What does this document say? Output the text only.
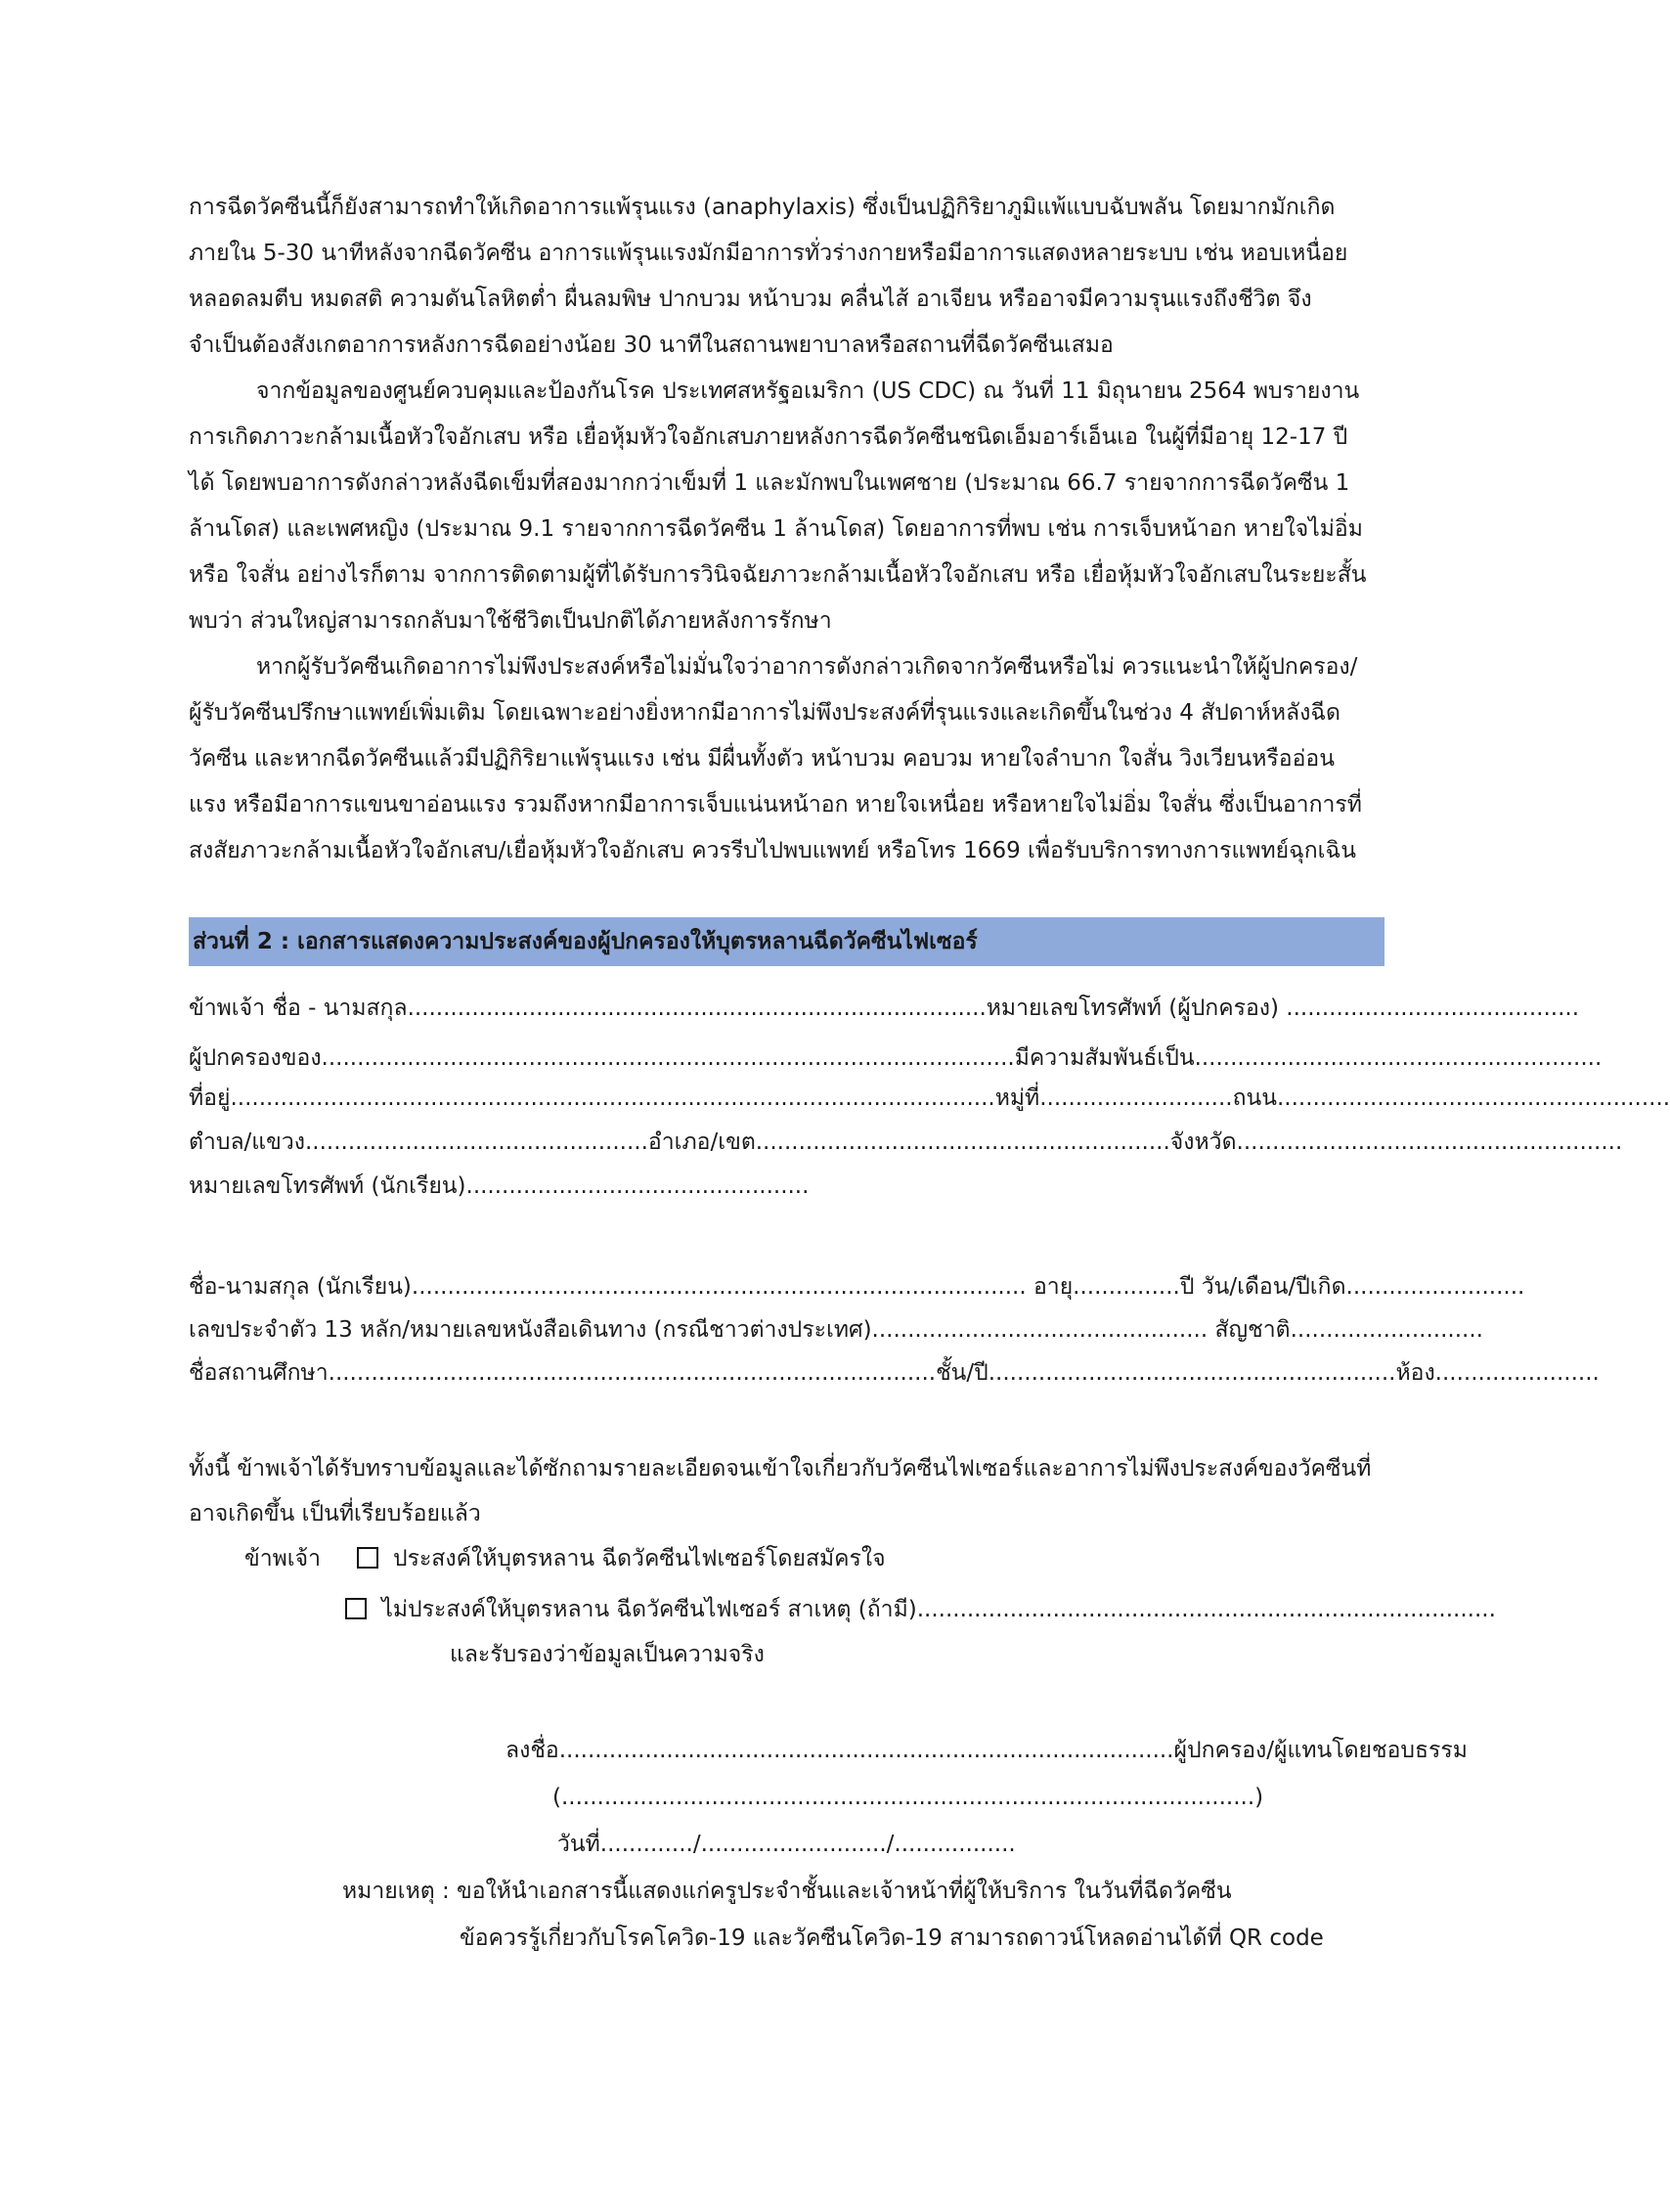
การฉีดวัคซีนนี้ก็ยังสามารถทำให้เกิดอาการแพ้รุนแรง (anaphylaxis) ซึ่งเป็นปฏิกิริยาภูมิแพ้แบบฉับพลัน โดยมากมักเกิด
ภายใน 5-30 นาทีหลังจากฉีดวัคซีน อาการแพ้รุนแรงมักมีอาการทั่วร่างกายหรือมีอาการแสดงหลายระบบ เช่น หอบเหนื่อย
หลอดลมตีบ หมดสติ ความดันโลหิตต่ำ ผื่นลมพิษ ปากบวม หน้าบวม คลื่นไส้ อาเจียน หรืออาจมีความรุนแรงถึงชีวิต จึง
จำเป็นต้องสังเกตอาการหลังการฉีดอย่างน้อย 30 นาทีในสถานพยาบาลหรือสถานที่ฉีดวัคซีนเสมอ
จากข้อมูลของศูนย์ควบคุมและป้องกันโรค ประเทศสหรัฐอเมริกา (US CDC) ณ วันที่ 11 มิถุนายน 2564 พบรายงาน
การเกิดภาวะกล้ามเนื้อหัวใจอักเสบ หรือ เยื่อหุ้มหัวใจอักเสบภายหลังการฉีดวัคซีนชนิดเอ็มอาร์เอ็นเอ ในผู้ที่มีอายุ 12-17 ปี
ได้ โดยพบอาการดังกล่าวหลังฉีดเข็มที่สองมากกว่าเข็มที่ 1 และมักพบในเพศชาย (ประมาณ 66.7 รายจากการฉีดวัคซีน 1
ล้านโดส) และเพศหญิง (ประมาณ 9.1 รายจากการฉีดวัคซีน 1 ล้านโดส) โดยอาการที่พบ เช่น การเจ็บหน้าอก หายใจไม่อิ่ม
หรือ ใจสั่น อย่างไรก็ตาม จากการติดตามผู้ที่ได้รับการวินิจฉัยภาวะกล้ามเนื้อหัวใจอักเสบ หรือ เยื่อหุ้มหัวใจอักเสบในระยะสั้น
พบว่า ส่วนใหญ่สามารถกลับมาใช้ชีวิตเป็นปกติได้ภายหลังการรักษา
หากผู้รับวัคซีนเกิดอาการไม่พึงประสงค์หรือไม่มั่นใจว่าอาการดังกล่าวเกิดจากวัคซีนหรือไม่ ควรแนะนำให้ผู้ปกครอง/
ผู้รับวัคซีนปรึกษาแพทย์เพิ่มเติม โดยเฉพาะอย่างยิ่งหากมีอาการไม่พึงประสงค์ที่รุนแรงและเกิดขึ้นในช่วง 4 สัปดาห์หลังฉีด
วัคซีน และหากฉีดวัคซีนแล้วมีปฏิกิริยาแพ้รุนแรง เช่น มีผื่นทั้งตัว หน้าบวม คอบวม หายใจลำบาก ใจสั่น วิงเวียนหรืออ่อน
แรง หรือมีอาการแขนขาอ่อนแรง รวมถึงหากมีอาการเจ็บแน่นหน้าอก หายใจเหนื่อย หรือหายใจไม่อิ่ม ใจสั่น ซึ่งเป็นอาการที่
สงสัยภาวะกล้ามเนื้อหัวใจอักเสบ/เยื่อหุ้มหัวใจอักเสบ ควรรีบไปพบแพทย์ หรือโทร 1669 เพื่อรับบริการทางการแพทย์ฉุกเฉิน
ส่วนที่ 2 : เอกสารแสดงความประสงค์ของผู้ปกครองให้บุตรหลานฉีดวัคซีนไฟเซอร์
ข้าพเจ้า ชื่อ - นามสกุล.................................................................................หมายเลขโทรศัพท์ (ผู้ปกครอง) .........................................
ผู้ปกครองของ.................................................................................................มีความสัมพันธ์เป็น.........................................................
ที่อยู่...........................................................................................................หมู่ที่...........................ถนน.......................................................
ตำบล/แขวง................................................อำเภอ/เขต..........................................................จังหวัด......................................................
หมายเลขโทรศัพท์ (นักเรียน)................................................
ชื่อ-นามสกุล (นักเรียน)...................................................................................... อายุ...............ปี วัน/เดือน/ปีเกิด.........................
เลขประจำตัว 13 หลัก/หมายเลขหนังสือเดินทาง (กรณีชาวต่างประเทศ)............................................... สัญชาติ...........................
ชื่อสถานศึกษา.....................................................................................ชั้น/ปี.........................................................ห้อง.......................
ทั้งนี้ ข้าพเจ้าได้รับทราบข้อมูลและได้ซักถามรายละเอียดจนเข้าใจเกี่ยวกับวัคซีนไฟเซอร์และอาการไม่พึงประสงค์ของวัคซีนที่
อาจเกิดขึ้น เป็นที่เรียบร้อยแล้ว
ข้าพเจ้า	ประสงค์ให้บุตรหลาน ฉีดวัคซีนไฟเซอร์โดยสมัครใจ
ไม่ประสงค์ให้บุตรหลาน ฉีดวัคซีนไฟเซอร์ สาเหตุ (ถ้ามี).................................................................................
และรับรองว่าข้อมูลเป็นความจริง
ลงชื่อ......................................................................................ผู้ปกครอง/ผู้แทนโดยชอบธรรม
(.................................................................................................)
วันที่............./........................../.................
หมายเหตุ : ขอให้นำเอกสารนี้แสดงแก่ครูประจำชั้นและเจ้าหน้าที่ผู้ให้บริการ ในวันที่ฉีดวัคซีน
ข้อควรรู้เกี่ยวกับโรคโควิด-19 และวัคซีนโควิด-19 สามารถดาวน์โหลดอ่านได้ที่ QR code
